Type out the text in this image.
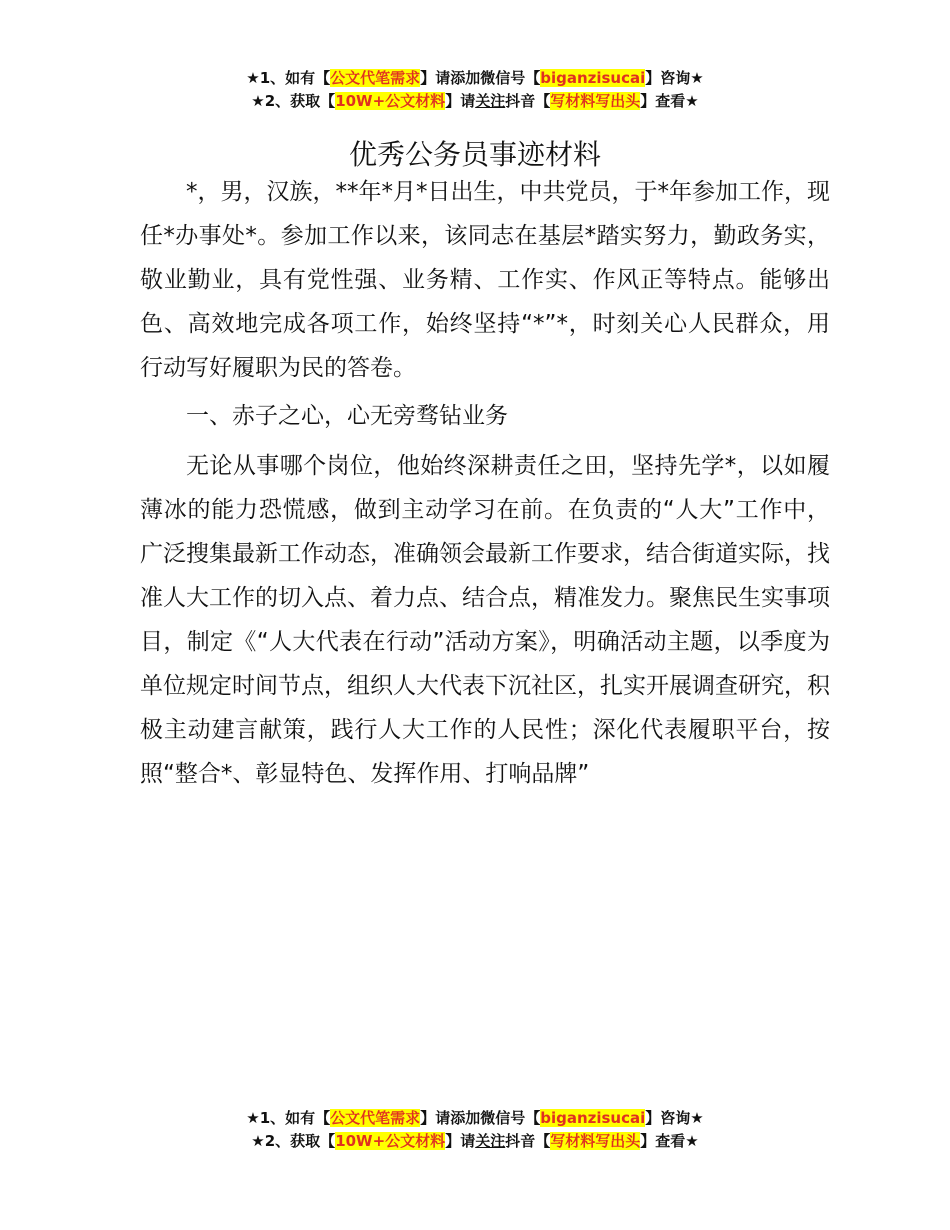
★1、如有【公文代笔需求】请添加微信号【biganzisucai】咨询★
★2、获取【10W+公文材料】请关注抖音【写材料写出头】查看★
优秀公务员事迹材料

*，男，汉族，**年*月*日出生，中共党员，于*年参加工作，现任*办事处*。参加工作以来，该同志在基层*踏实努力，勤政务实，敬业勤业，具有党性强、业务精、工作实、作风正等特点。能够出色、高效地完成各项工作，始终坚持“*”*，时刻关心人民群众，用行动写好履职为民的答卷。

一、赤子之心，心无旁骛钻业务

无论从事哪个岗位，他始终深耕责任之田，坚持先学*，以如履薄冰的能力恐慌感，做到主动学习在前。在负责的“人大”工作中，广泛搜集最新工作动态，准确领会最新工作要求，结合街道实际，找准人大工作的切入点、着力点、结合点，精准发力。聚焦民生实事项目，制定《“人大代表在行动”活动方案》，明确活动主题，以季度为单位规定时间节点，组织人大代表下沉社区，扎实开展调查研究，积极主动建言献策，践行人大工作的人民性；深化代表履职平台，按照“整合*、彰显特色、发挥作用、打响品牌”

★1、如有【公文代笔需求】请添加微信号【biganzisucai】咨询★
★2、获取【10W+公文材料】请关注抖音【写材料写出头】查看★
